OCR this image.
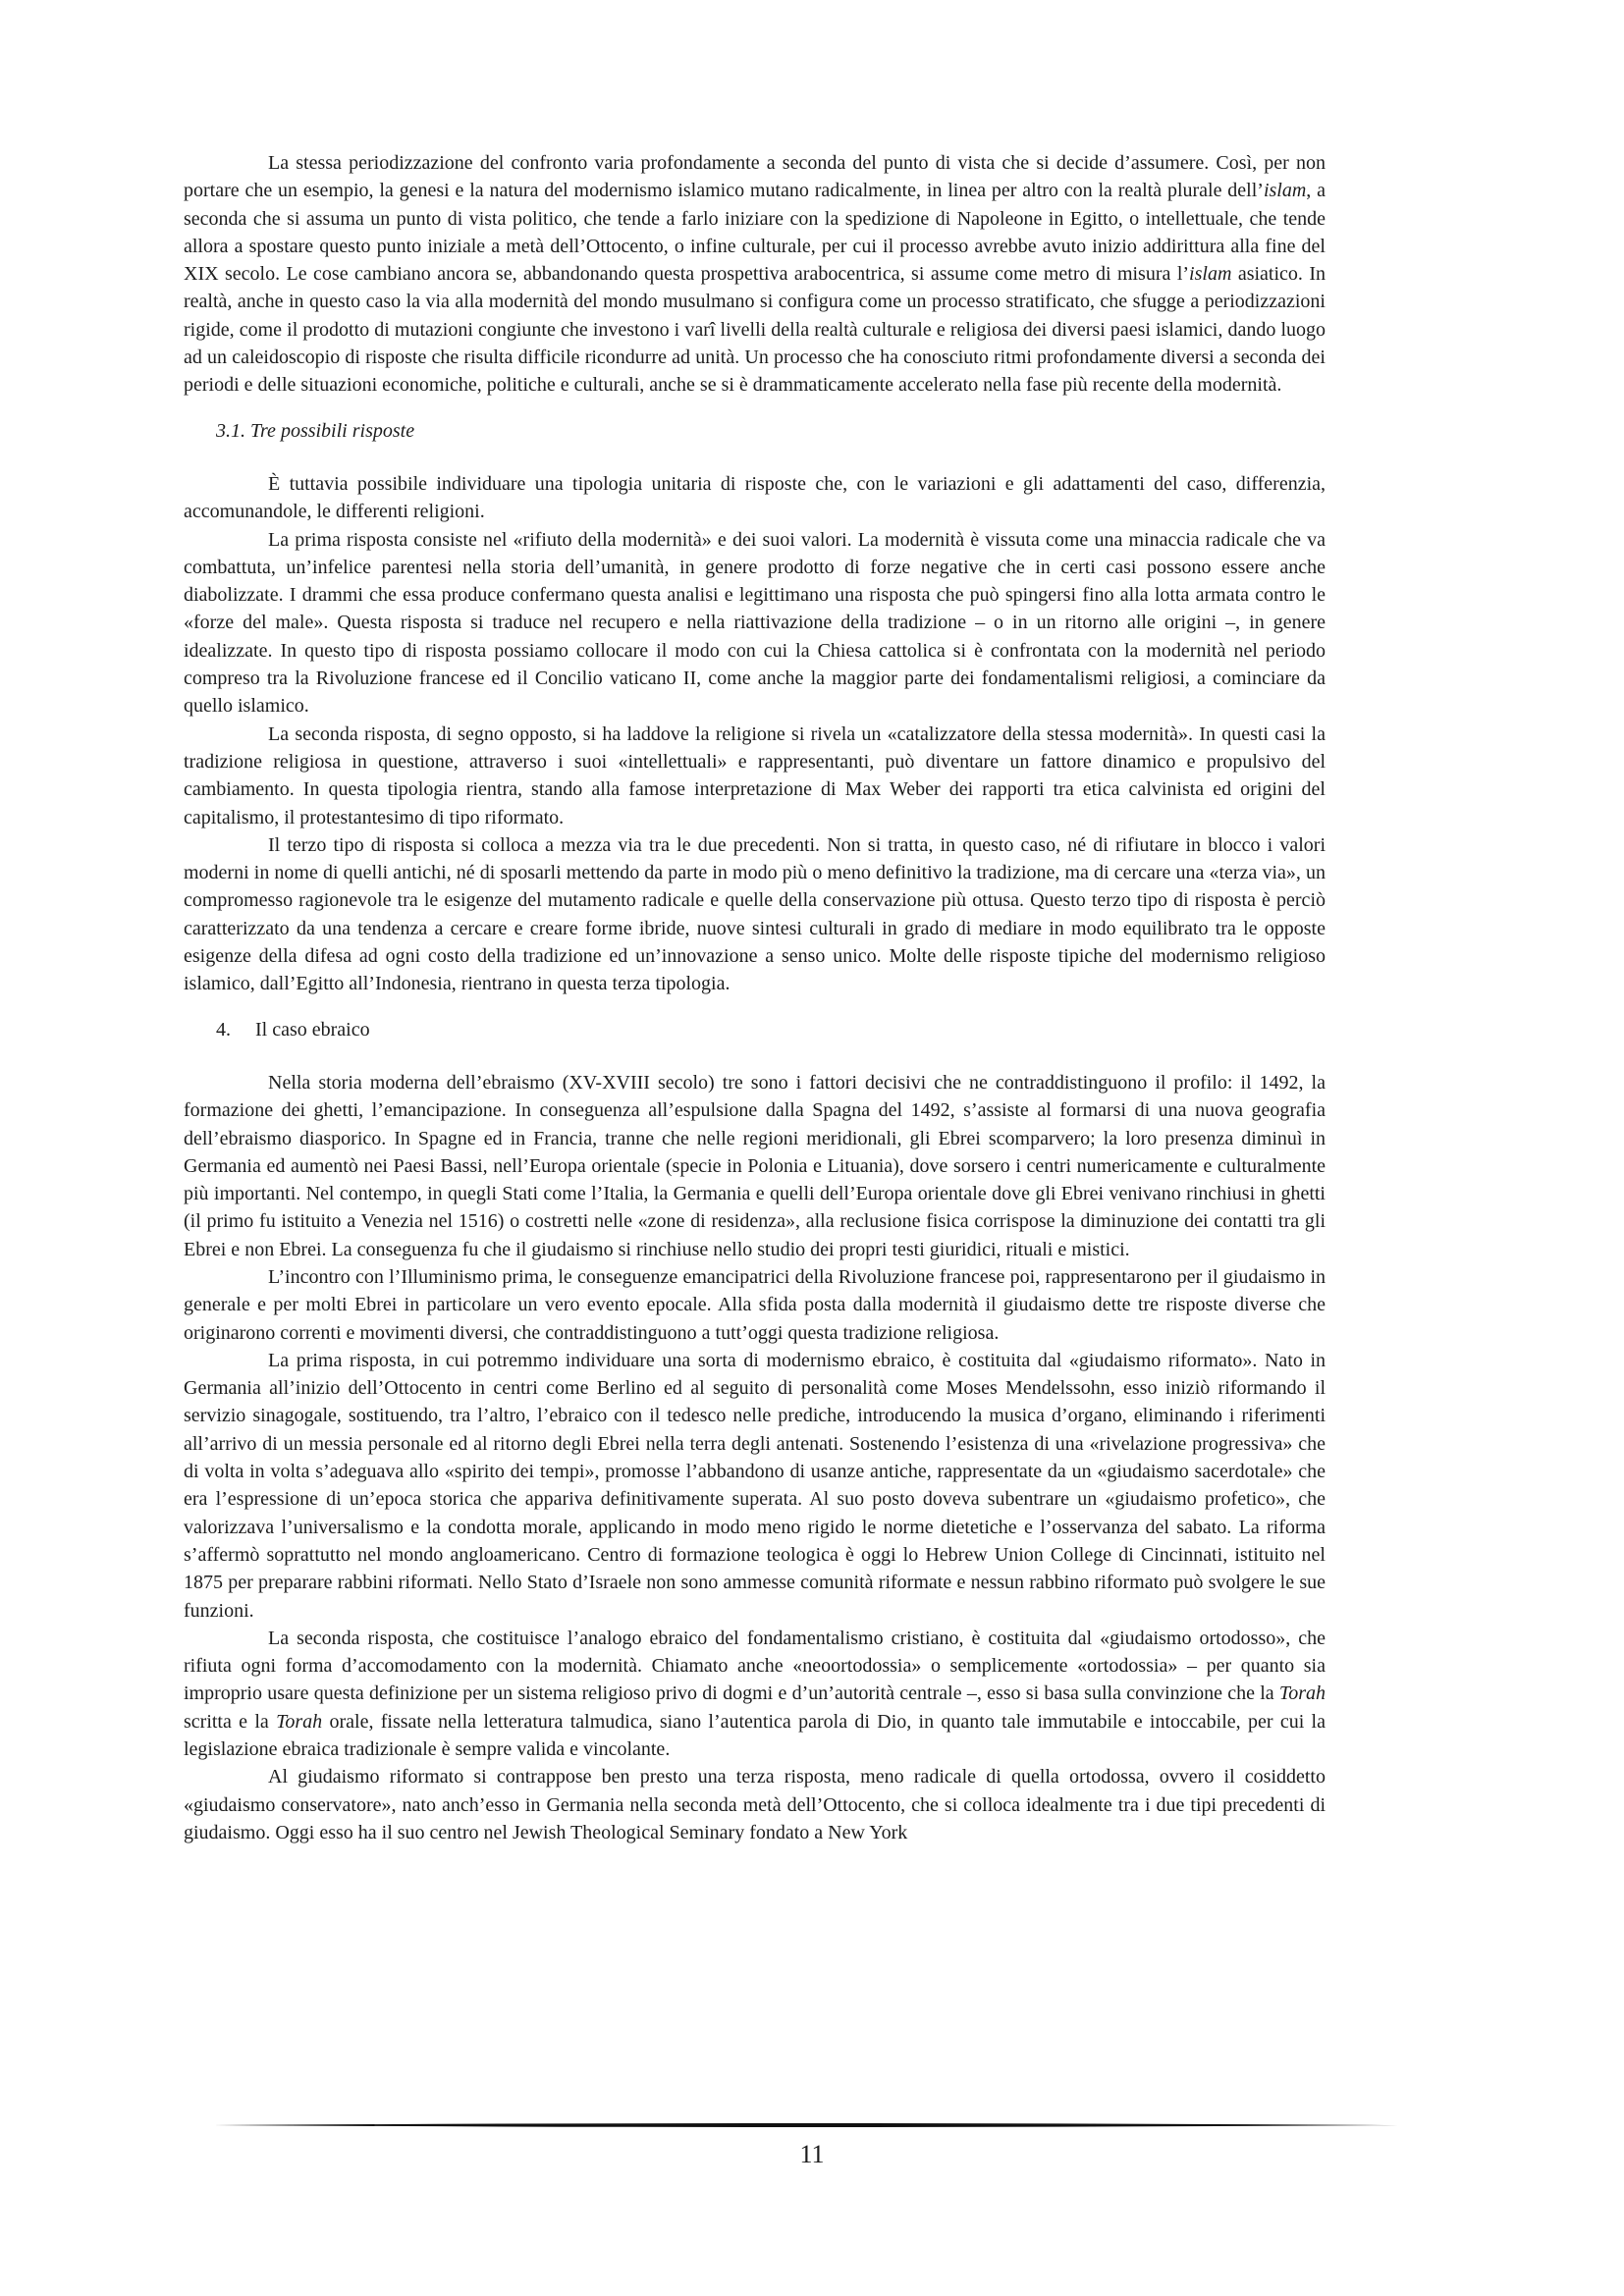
La stessa periodizzazione del confronto varia profondamente a seconda del punto di vista che si decide d’assumere. Così, per non portare che un esempio, la genesi e la natura del modernismo islamico mutano radicalmente, in linea per altro con la realtà plurale dell’islam, a seconda che si assuma un punto di vista politico, che tende a farlo iniziare con la spedizione di Napoleone in Egitto, o intellettuale, che tende allora a spostare questo punto iniziale a metà dell’Ottocento, o infine culturale, per cui il processo avrebbe avuto inizio addirittura alla fine del XIX secolo. Le cose cambiano ancora se, abbandonando questa prospettiva arabocentrica, si assume come metro di misura l’islam asiatico. In realtà, anche in questo caso la via alla modernità del mondo musulmano si configura come un processo stratificato, che sfugge a periodizzazioni rigide, come il prodotto di mutazioni congiunte che investono i varî livelli della realtà culturale e religiosa dei diversi paesi islamici, dando luogo ad un caleidoscopio di risposte che risulta difficile ricondurre ad unità. Un processo che ha conosciuto ritmi profondamente diversi a seconda dei periodi e delle situazioni economiche, politiche e culturali, anche se si è drammaticamente accelerato nella fase più recente della modernità.

3.1. Tre possibili risposte

È tuttavia possibile individuare una tipologia unitaria di risposte che, con le variazioni e gli adattamenti del caso, differenzia, accomunandole, le differenti religioni.

La prima risposta consiste nel «rifiuto della modernità» e dei suoi valori. La modernità è vissuta come una minaccia radicale che va combattuta, un’infelice parentesi nella storia dell’umanità, in genere prodotto di forze negative che in certi casi possono essere anche diabolizzate. I drammi che essa produce confermano questa analisi e legittimano una risposta che può spingersi fino alla lotta armata contro le «forze del male». Questa risposta si traduce nel recupero e nella riattivazione della tradizione – o in un ritorno alle origini –, in genere idealizzate. In questo tipo di risposta possiamo collocare il modo con cui la Chiesa cattolica si è confrontata con la modernità nel periodo compreso tra la Rivoluzione francese ed il Concilio vaticano II, come anche la maggior parte dei fondamentalismi religiosi, a cominciare da quello islamico.

La seconda risposta, di segno opposto, si ha laddove la religione si rivela un «catalizzatore della stessa modernità». In questi casi la tradizione religiosa in questione, attraverso i suoi «intellettuali» e rappresentanti, può diventare un fattore dinamico e propulsivo del cambiamento. In questa tipologia rientra, stando alla famose interpretazione di Max Weber dei rapporti tra etica calvinista ed origini del capitalismo, il protestantesimo di tipo riformato.

Il terzo tipo di risposta si colloca a mezza via tra le due precedenti. Non si tratta, in questo caso, né di rifiutare in blocco i valori moderni in nome di quelli antichi, né di sposarli mettendo da parte in modo più o meno definitivo la tradizione, ma di cercare una «terza via», un compromesso ragionevole tra le esigenze del mutamento radicale e quelle della conservazione più ottusa. Questo terzo tipo di risposta è perciò caratterizzato da una tendenza a cercare e creare forme ibride, nuove sintesi culturali in grado di mediare in modo equilibrato tra le opposte esigenze della difesa ad ogni costo della tradizione ed un’innovazione a senso unico. Molte delle risposte tipiche del modernismo religioso islamico, dall’Egitto all’Indonesia, rientrano in questa terza tipologia.

4.     Il caso ebraico

Nella storia moderna dell’ebraismo (XV-XVIII secolo) tre sono i fattori decisivi che ne contraddistinguono il profilo: il 1492, la formazione dei ghetti, l’emancipazione. In conseguenza all’espulsione dalla Spagna del 1492, s’assiste al formarsi di una nuova geografia dell’ebraismo diasporico. In Spagne ed in Francia, tranne che nelle regioni meridionali, gli Ebrei scomparvero; la loro presenza diminuì in Germania ed aumentò nei Paesi Bassi, nell’Europa orientale (specie in Polonia e Lituania), dove sorsero i centri numericamente e culturalmente più importanti. Nel contempo, in quegli Stati come l’Italia, la Germania e quelli dell’Europa orientale dove gli Ebrei venivano rinchiusi in ghetti (il primo fu istituito a Venezia nel 1516) o costretti nelle «zone di residenza», alla reclusione fisica corrispose la diminuzione dei contatti tra gli Ebrei e non Ebrei. La conseguenza fu che il giudaismo si rinchiuse nello studio dei propri testi giuridici, rituali e mistici.

L’incontro con l’Illuminismo prima, le conseguenze emancipatrici della Rivoluzione francese poi, rappresentarono per il giudaismo in generale e per molti Ebrei in particolare un vero evento epocale. Alla sfida posta dalla modernità il giudaismo dette tre risposte diverse che originarono correnti e movimenti diversi, che contraddistinguono a tutt’oggi questa tradizione religiosa.

La prima risposta, in cui potremmo individuare una sorta di modernismo ebraico, è costituita dal «giudaismo riformato». Nato in Germania all’inizio dell’Ottocento in centri come Berlino ed al seguito di personalità come Moses Mendelssohn, esso iniziò riformando il servizio sinagogale, sostituendo, tra l’altro, l’ebraico con il tedesco nelle prediche, introducendo la musica d’organo, eliminando i riferimenti all’arrivo di un messia personale ed al ritorno degli Ebrei nella terra degli antenati. Sostenendo l’esistenza di una «rivelazione progressiva» che di volta in volta s’adeguava allo «spirito dei tempi», promosse l’abbandono di usanze antiche, rappresentate da un «giudaismo sacerdotale» che era l’espressione di un’epoca storica che appariva definitivamente superata. Al suo posto doveva subentrare un «giudaismo profetico», che valorizzava l’universalismo e la condotta morale, applicando in modo meno rigido le norme dietetiche e l’osservanza del sabato. La riforma s’affermò soprattutto nel mondo angloamericano. Centro di formazione teologica è oggi lo Hebrew Union College di Cincinnati, istituito nel 1875 per preparare rabbini riformati. Nello Stato d’Israele non sono ammesse comunità riformate e nessun rabbino riformato può svolgere le sue funzioni.

La seconda risposta, che costituisce l’analogo ebraico del fondamentalismo cristiano, è costituita dal «giudaismo ortodosso», che rifiuta ogni forma d’accomodamento con la modernità. Chiamato anche «neoortodossia» o semplicemente «ortodossia» – per quanto sia improprio usare questa definizione per un sistema religioso privo di dogmi e d’un’autorità centrale –, esso si basa sulla convinzione che la Torah scritta e la Torah orale, fissate nella letteratura talmudica, siano l’autentica parola di Dio, in quanto tale immutabile e intoccabile, per cui la legislazione ebraica tradizionale è sempre valida e vincolante.

Al giudaismo riformato si contrappose ben presto una terza risposta, meno radicale di quella ortodossa, ovvero il cosiddetto «giudaismo conservatore», nato anch’esso in Germania nella seconda metà dell’Ottocento, che si colloca idealmente tra i due tipi precedenti di giudaismo. Oggi esso ha il suo centro nel Jewish Theological Seminary fondato a New York

11
